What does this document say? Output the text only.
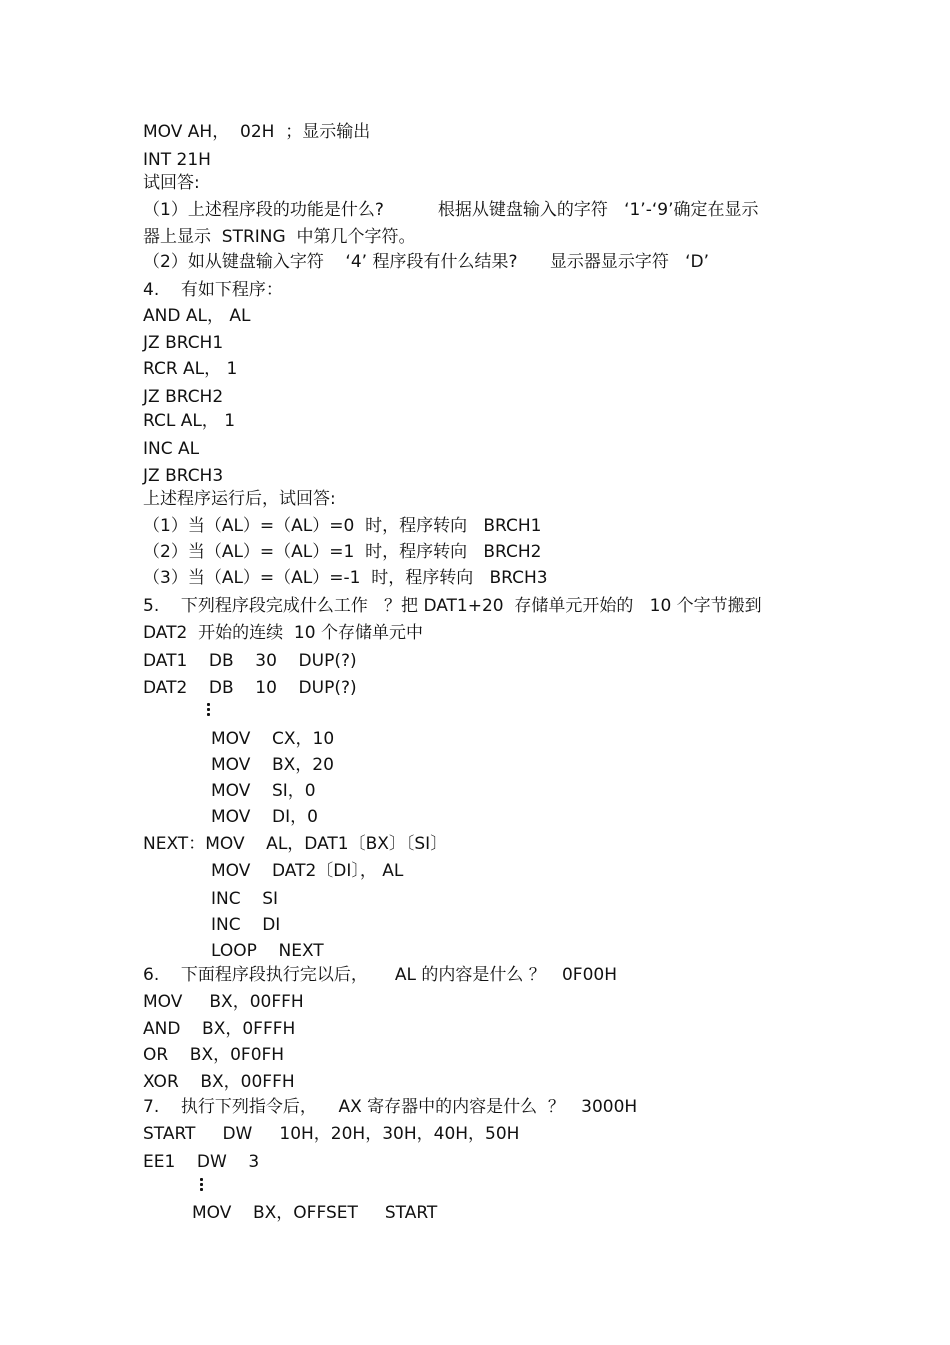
MOV AH，  02H  ；显示输出
INT 21H
试回答:
（1）上述程序段的功能是什么?          根据从键盘输入的字符   ‘1’-‘9’确定在显示
器上显示  STRING  中第几个字符。
（2）如从键盘输入字符    ‘4’ 程序段有什么结果?      显示器显示字符   ‘D’
4.    有如下程序：
AND AL， AL
JZ BRCH1
RCR AL， 1
JZ BRCH2
RCL AL， 1
INC AL
JZ BRCH3
上述程序运行后，试回答:
（1）当（AL）=（AL）=0  时，程序转向   BRCH1
（2）当（AL）=（AL）=1  时，程序转向   BRCH2
（3）当（AL）=（AL）=-1  时，程序转向   BRCH3
5.    下列程序段完成什么工作   ？把 DAT1+20  存储单元开始的   10 个字节搬到
DAT2  开始的连续  10 个存储单元中
DAT1    DB    30    DUP(?)
DAT2    DB    10    DUP(?)
MOV    CX，10
MOV    BX，20
MOV    SI，0
MOV    DI，0
NEXT：MOV    AL，DAT1〔BX〕〔SI〕
MOV    DAT2〔DI〕， AL
INC    SI
INC    DI
LOOP    NEXT
6.    下面程序段执行完以后，     AL 的内容是什么 ？   0F00H
MOV     BX，00FFH
AND    BX，0FFFH
OR    BX，0F0FH
XOR    BX，00FFH
7.    执行下列指令后，    AX 寄存器中的内容是什么  ？   3000H
START     DW     10H，20H，30H，40H，50H
EE1    DW    3
MOV    BX，OFFSET     START
